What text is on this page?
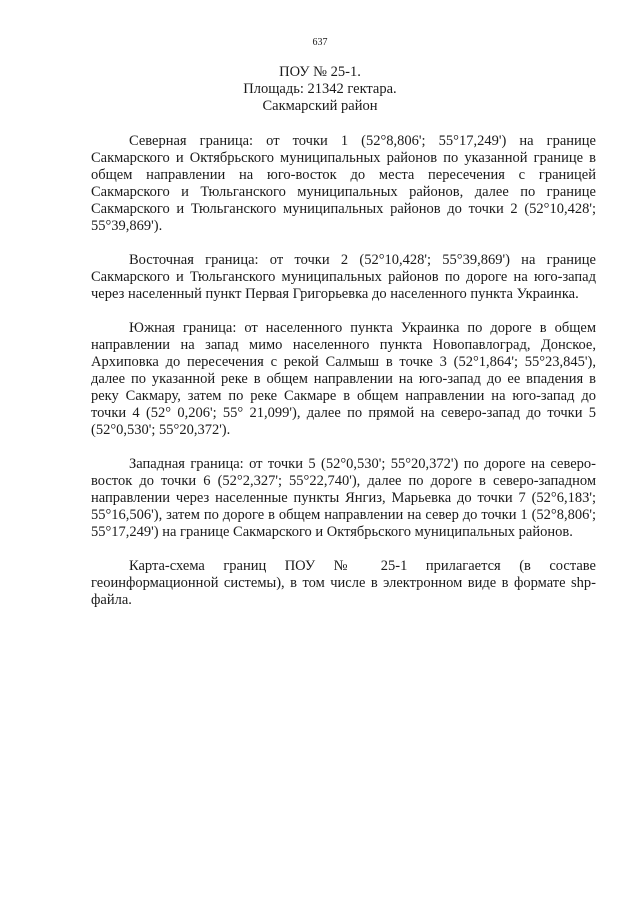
637
ПОУ № 25-1.
Площадь: 21342 гектара.
Сакмарский район

Северная граница: от точки 1 (52°8,806'; 55°17,249') на границе Сакмарского и Октябрьского муниципальных районов по указанной границе в общем направлении на юго-восток до места пересечения с границей Сакмарского и Тюльганского муниципальных районов, далее по границе Сакмарского и Тюльганского муниципальных районов до точки 2 (52°10,428'; 55°39,869').

Восточная граница: от точки 2 (52°10,428'; 55°39,869') на границе Сакмарского и Тюльганского муниципальных районов по дороге на юго-запад через населенный пункт Первая Григорьевка до населенного пункта Украинка.

Южная граница: от населенного пункта Украинка по дороге в общем направлении на запад мимо населенного пункта Новопавлоград, Донское, Архиповка до пересечения с рекой Салмыш в точке 3 (52°1,864'; 55°23,845'), далее по указанной реке в общем направлении на юго-запад до ее впадения в реку Сакмару, затем по реке Сакмаре в общем направлении на юго-запад до точки 4 (52° 0,206'; 55° 21,099'), далее по прямой на северо-запад до точки 5 (52°0,530'; 55°20,372').

Западная граница: от точки 5 (52°0,530'; 55°20,372') по дороге на северо-восток до точки 6 (52°2,327'; 55°22,740'), далее по дороге в северо-западном направлении через населенные пункты Янгиз, Марьевка до точки 7 (52°6,183'; 55°16,506'), затем по дороге в общем направлении на север до точки 1 (52°8,806'; 55°17,249') на границе Сакмарского и Октябрьского муниципальных районов.

Карта-схема границ ПОУ № 25-1 прилагается (в составе геоинформационной системы), в том числе в электронном виде в формате shp-файла.
